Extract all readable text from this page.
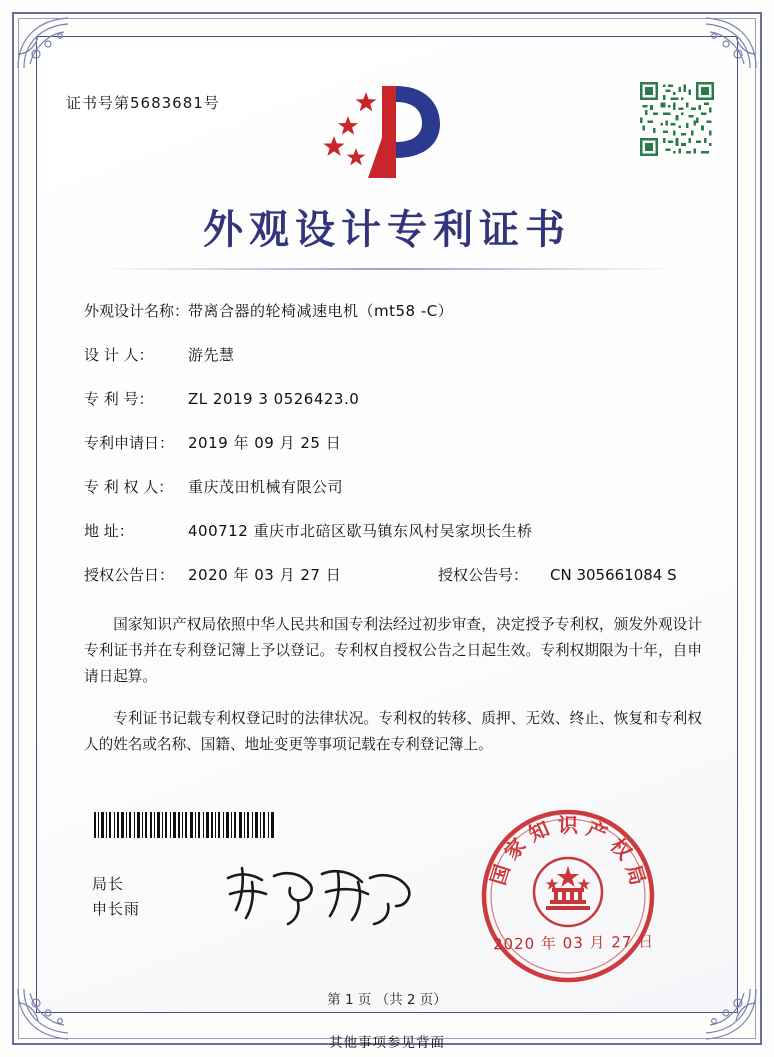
证书号第5683681号
外观设计专利证书
外观设计名称：
带离合器的轮椅减速电机（mt58 -C）
设 计 人：	游先慧
专 利 号：	ZL 2019 3 0526423.0
专利申请日： 2019 年 09 月 25 日
专 利 权 人： 重庆茂田机械有限公司
地 址：	400712 重庆市北碚区歇马镇东风村吴家坝长生桥
授权公告日： 2020 年 03 月 27 日	授权公告号：	CN 305661084 S

国家知识产权局依照中华人民共和国专利法经过初步审查，决定授予专利权，颁发外观设计专利证书并在专利登记簿上予以登记。专利权自授权公告之日起生效。专利权期限为十年，自申请日起算。

专利证书记载专利权登记时的法律状况。专利权的转移、质押、无效、终止、恢复和专利权人的姓名或名称、国籍、地址变更等事项记载在专利登记簿上。

局长
申长雨
国 家 知 识 产 权 局
2020 年 03 月 27 日
第 1 页 （共 2 页）
其他事项参见背面
